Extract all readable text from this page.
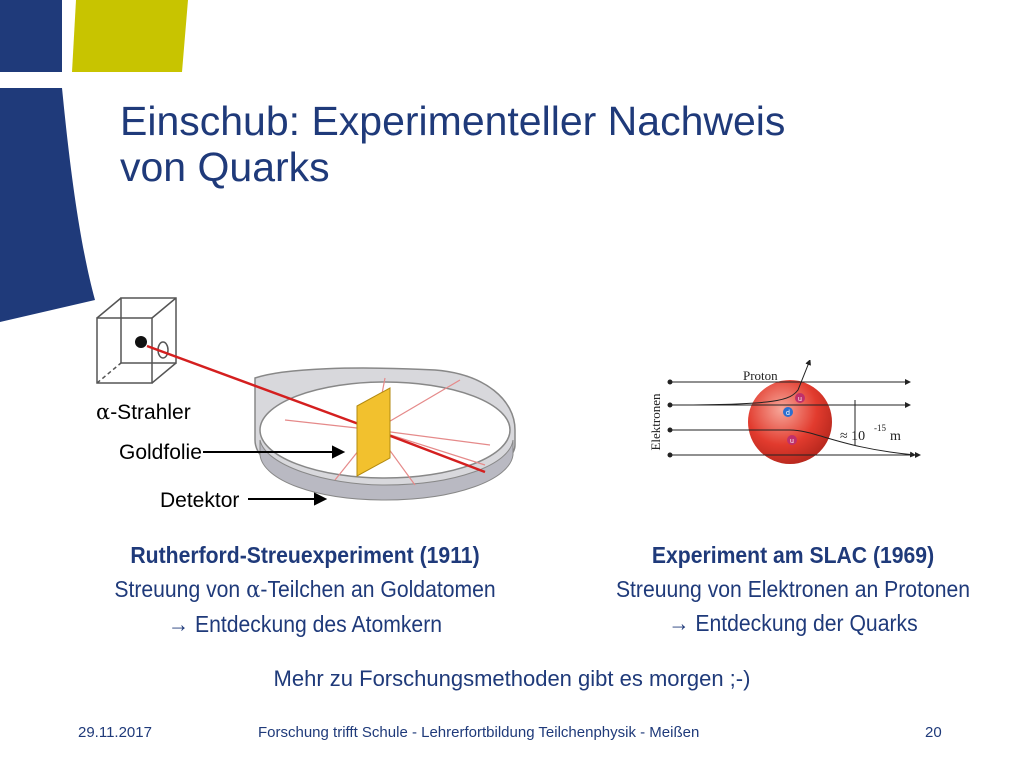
Einschub: Experimenteller Nachweis
von Quarks
α-Strahler
Goldfolie
Detektor
Elektronen	u
d
u
Proton
≈ 10
-15
m
Rutherford-Streuexperiment (1911)
Streuung von α-Teilchen an Goldatomen
→ Entdeckung des Atomkern
Experiment am SLAC (1969)
Streuung von Elektronen an Protonen
→ Entdeckung der Quarks
Mehr zu Forschungsmethoden gibt es morgen ;-)
29.11.2017	Forschung trifft Schule - Lehrerfortbildung Teilchenphysik - Meißen	20
